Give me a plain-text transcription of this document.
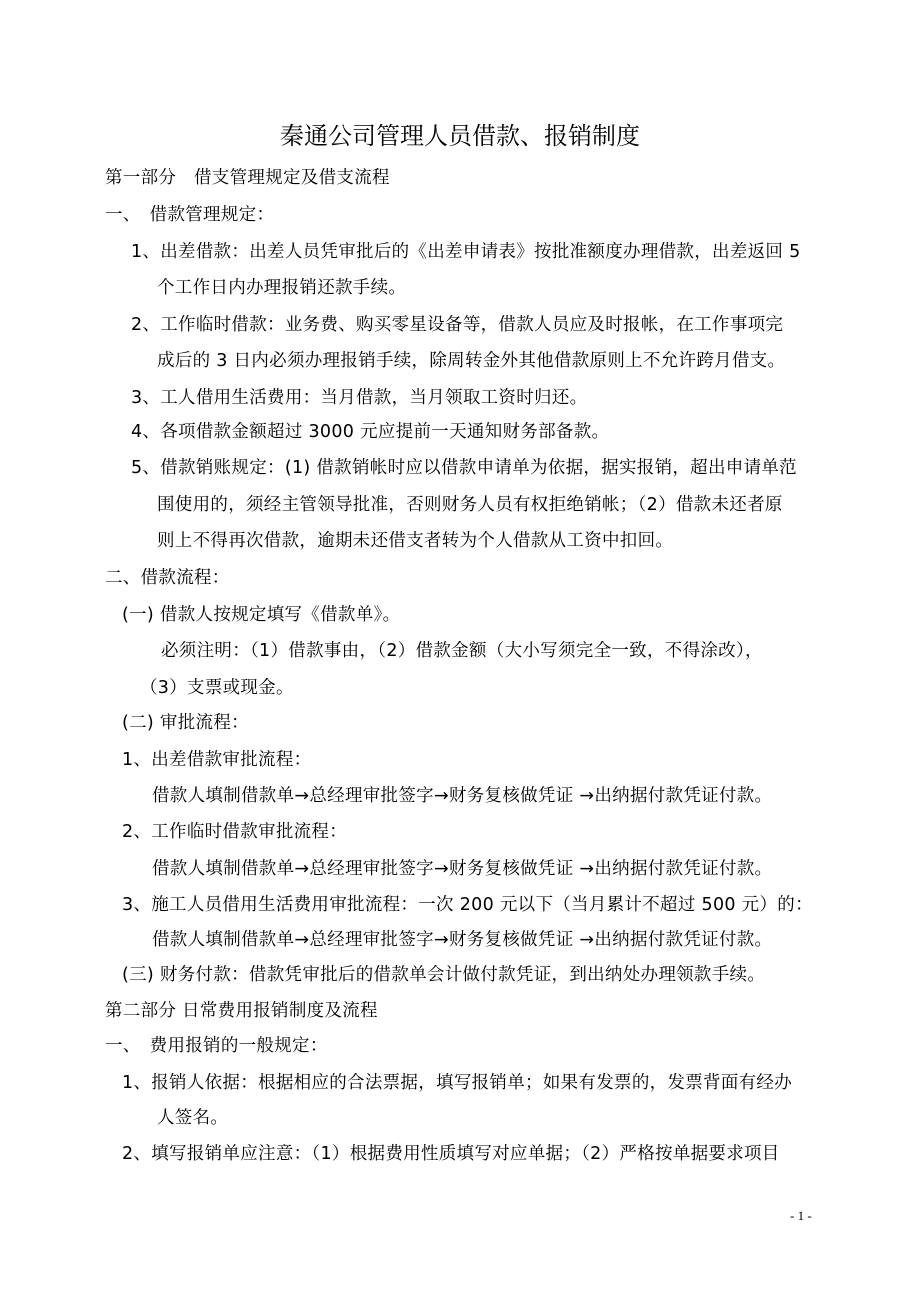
秦通公司管理人员借款、报销制度
第一部分　借支管理规定及借支流程
一、　借款管理规定：
1、出差借款：出差人员凭审批后的《出差申请表》按批准额度办理借款，出差返回 5
个工作日内办理报销还款手续。
2、工作临时借款：业务费、购买零星设备等，借款人员应及时报帐，在工作事项完
成后的 3 日内必须办理报销手续，除周转金外其他借款原则上不允许跨月借支。
3、工人借用生活费用：当月借款，当月领取工资时归还。
4、各项借款金额超过 3000 元应提前一天通知财务部备款。
5、借款销账规定：(1) 借款销帐时应以借款申请单为依据，据实报销，超出申请单范
围使用的，须经主管领导批准，否则财务人员有权拒绝销帐；（2）借款未还者原
则上不得再次借款，逾期未还借支者转为个人借款从工资中扣回。
二、借款流程：
(一) 借款人按规定填写《借款单》。
必须注明：（1）借款事由，（2）借款金额（大小写须完全一致，不得涂改），
（3）支票或现金。
(二) 审批流程：
1、出差借款审批流程：
借款人填制借款单→总经理审批签字→财务复核做凭证 →出纳据付款凭证付款。
2、工作临时借款审批流程：
借款人填制借款单→总经理审批签字→财务复核做凭证 →出纳据付款凭证付款。
3、施工人员借用生活费用审批流程：一次 200 元以下（当月累计不超过 500 元）的：
借款人填制借款单→总经理审批签字→财务复核做凭证 →出纳据付款凭证付款。
(三) 财务付款：借款凭审批后的借款单会计做付款凭证，到出纳处办理领款手续。
第二部分 日常费用报销制度及流程
一、　费用报销的一般规定：
1、报销人依据：根据相应的合法票据，填写报销单；如果有发票的，发票背面有经办
人签名。
2、填写报销单应注意：（1）根据费用性质填写对应单据；（2）严格按单据要求项目
- 1 -
